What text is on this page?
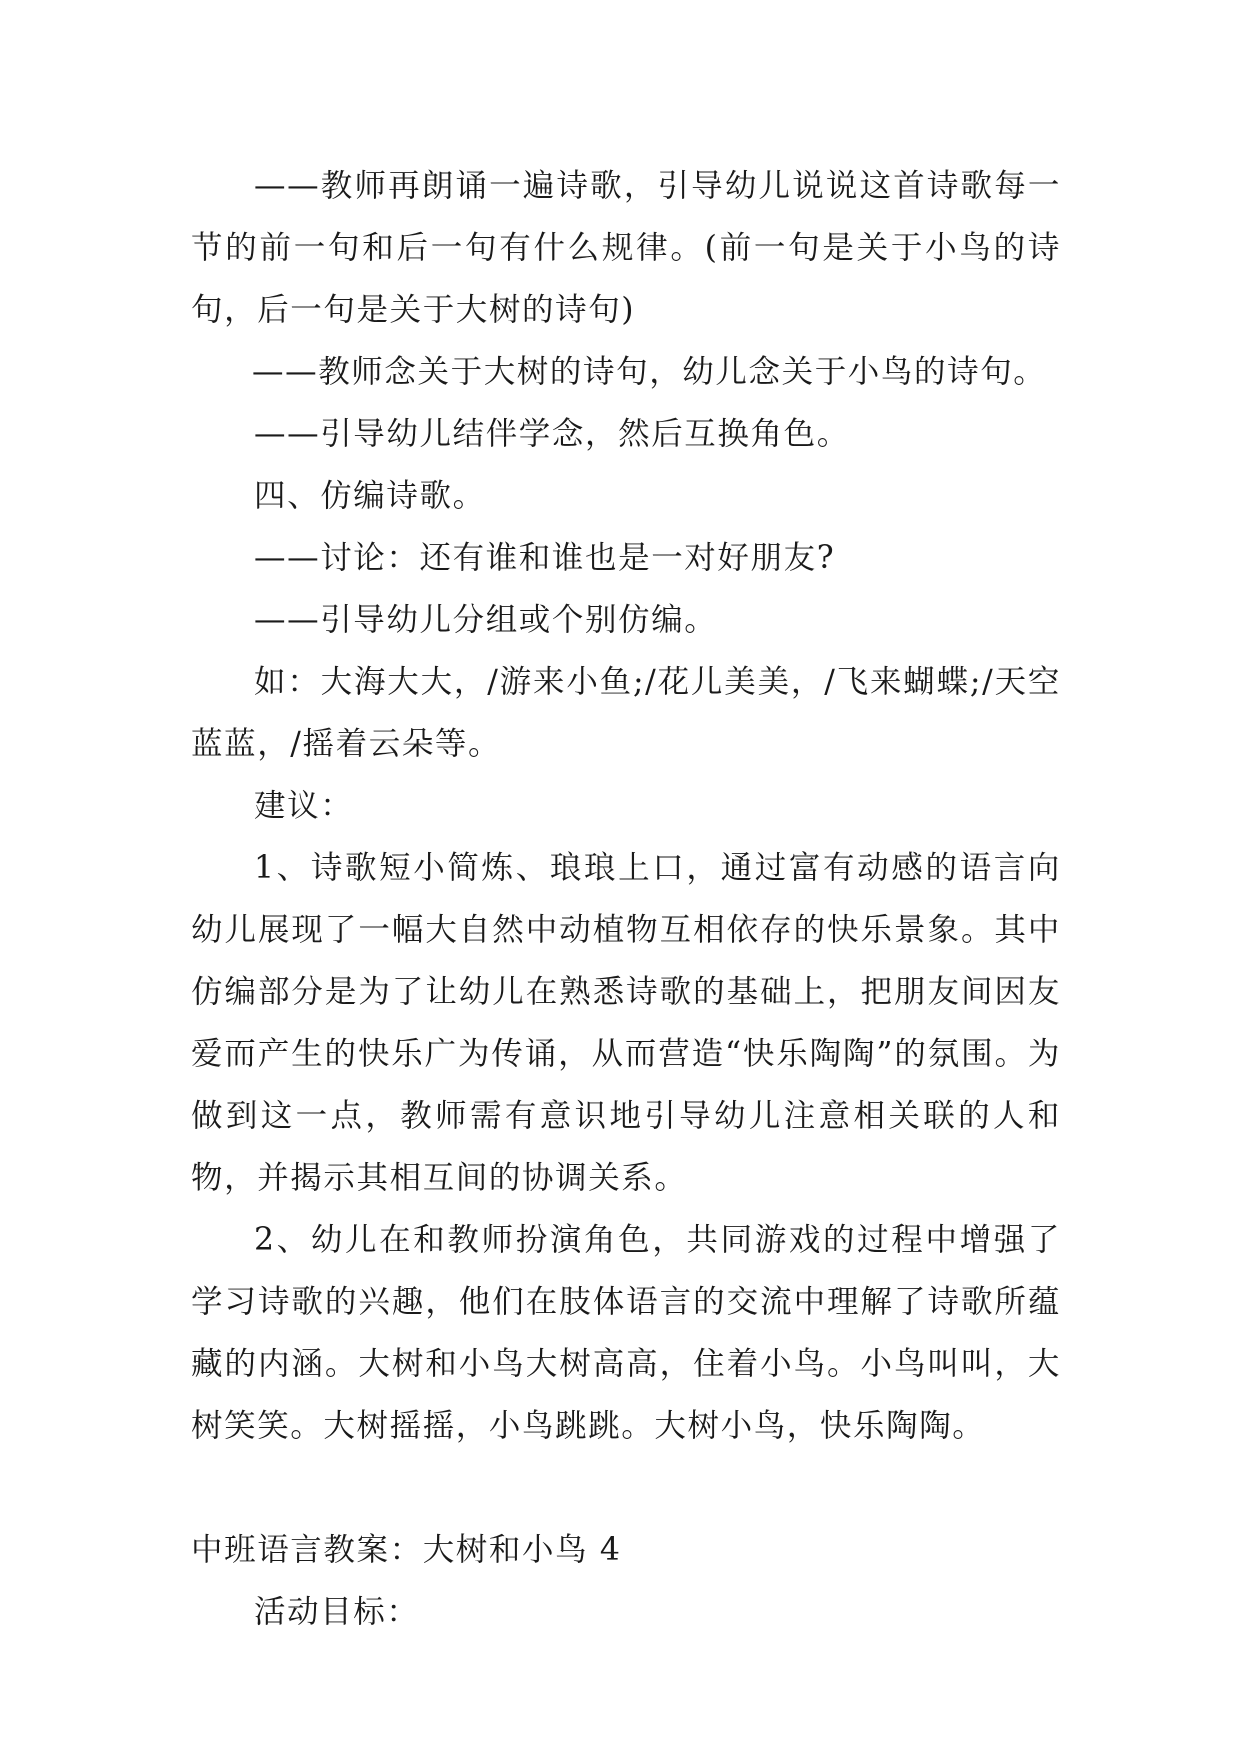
——教师再朗诵一遍诗歌，引导幼儿说说这首诗歌每一节的前一句和后一句有什么规律。(前一句是关于小鸟的诗句，后一句是关于大树的诗句)

——教师念关于大树的诗句，幼儿念关于小鸟的诗句。

——引导幼儿结伴学念，然后互换角色。

四、仿编诗歌。

——讨论：还有谁和谁也是一对好朋友?

——引导幼儿分组或个别仿编。

如：大海大大，/游来小鱼;/花儿美美，/飞来蝴蝶;/天空蓝蓝，/摇着云朵等。

建议：

1、诗歌短小简炼、琅琅上口，通过富有动感的语言向幼儿展现了一幅大自然中动植物互相依存的快乐景象。其中仿编部分是为了让幼儿在熟悉诗歌的基础上，把朋友间因友爱而产生的快乐广为传诵，从而营造“快乐陶陶”的氛围。为做到这一点，教师需有意识地引导幼儿注意相关联的人和物，并揭示其相互间的协调关系。

2、幼儿在和教师扮演角色，共同游戏的过程中增强了学习诗歌的兴趣，他们在肢体语言的交流中理解了诗歌所蕴藏的内涵。大树和小鸟大树高高，住着小鸟。小鸟叫叫，大树笑笑。大树摇摇，小鸟跳跳。大树小鸟，快乐陶陶。

中班语言教案：大树和小鸟 4

活动目标：
